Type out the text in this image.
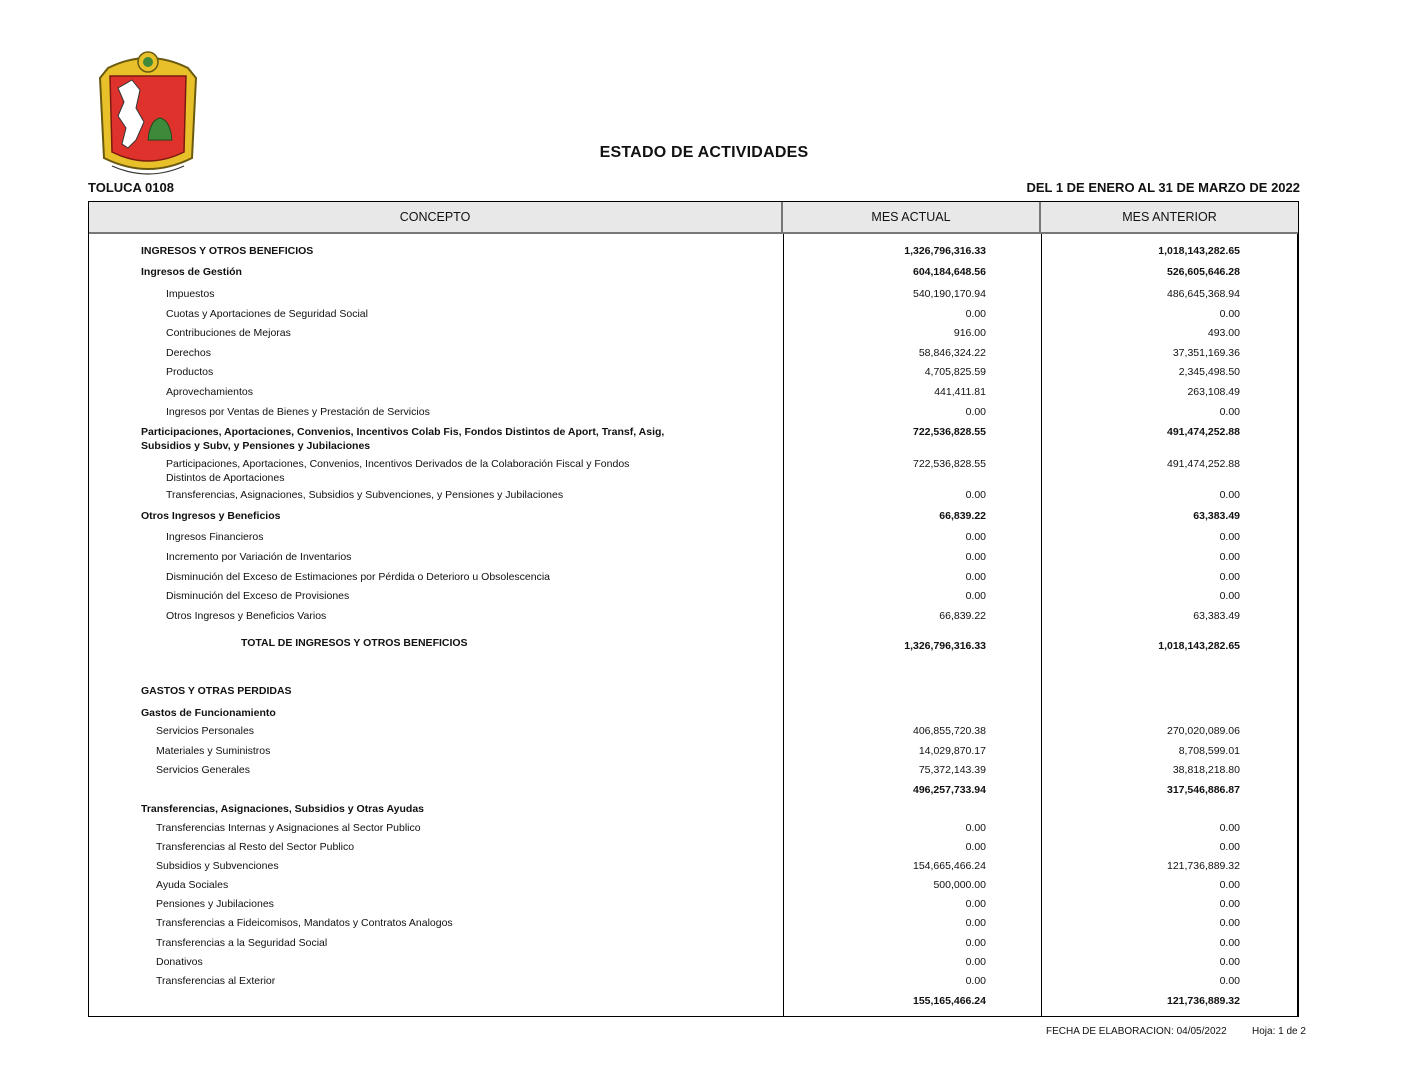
ESTADO DE ACTIVIDADES
TOLUCA 0108	DEL 1 DE ENERO AL 31 DE MARZO DE 2022
CONCEPTO	MES ACTUAL	MES ANTERIOR
INGRESOS Y OTROS BENEFICIOS	1,326,796,316.33	1,018,143,282.65
Ingresos de Gestión	604,184,648.56	526,605,646.28
Impuestos	540,190,170.94	486,645,368.94
Cuotas y Aportaciones de Seguridad Social	0.00	0.00
Contribuciones de Mejoras	916.00	493.00
Derechos	58,846,324.22	37,351,169.36
Productos	4,705,825.59	2,345,498.50
Aprovechamientos	441,411.81	263,108.49
Ingresos por Ventas de Bienes y Prestación de Servicios	0.00	0.00
Participaciones, Aportaciones, Convenios, Incentivos Colab Fis, Fondos Distintos de Aport, Transf, Asig,
Subsidios y Subv, y Pensiones y Jubilaciones
722,536,828.55	491,474,252.88
Participaciones, Aportaciones, Convenios, Incentivos Derivados de la Colaboración Fiscal y Fondos
Distintos de Aportaciones
722,536,828.55	491,474,252.88
Transferencias, Asignaciones, Subsidios y Subvenciones, y Pensiones y Jubilaciones	0.00	0.00
Otros Ingresos y Beneficios	66,839.22	63,383.49
Ingresos Financieros	0.00	0.00
Incremento por Variación de Inventarios	0.00	0.00
Disminución del Exceso de Estimaciones por Pérdida o Deterioro u Obsolescencia	0.00	0.00
Disminución del Exceso de Provisiones	0.00	0.00
Otros Ingresos y Beneficios Varios	66,839.22	63,383.49
TOTAL DE INGRESOS Y OTROS BENEFICIOS	1,326,796,316.33	1,018,143,282.65
GASTOS Y OTRAS PERDIDAS
Gastos de Funcionamiento
Servicios Personales	406,855,720.38	270,020,089.06
Materiales y Suministros	14,029,870.17	8,708,599.01
Servicios Generales	75,372,143.39	38,818,218.80
496,257,733.94	317,546,886.87
Transferencias, Asignaciones, Subsidios y Otras Ayudas
Transferencias Internas y Asignaciones al Sector Publico	0.00	0.00
Transferencias al Resto del Sector Publico	0.00	0.00
Subsidios y Subvenciones	154,665,466.24	121,736,889.32
Ayuda Sociales	500,000.00	0.00
Pensiones y Jubilaciones	0.00	0.00
Transferencias a Fideicomisos, Mandatos y Contratos Analogos	0.00	0.00
Transferencias a la Seguridad Social	0.00	0.00
Donativos	0.00	0.00
Transferencias al Exterior	0.00	0.00
155,165,466.24	121,736,889.32
FECHA DE ELABORACION: 04/05/2022	Hoja: 1 de 2
